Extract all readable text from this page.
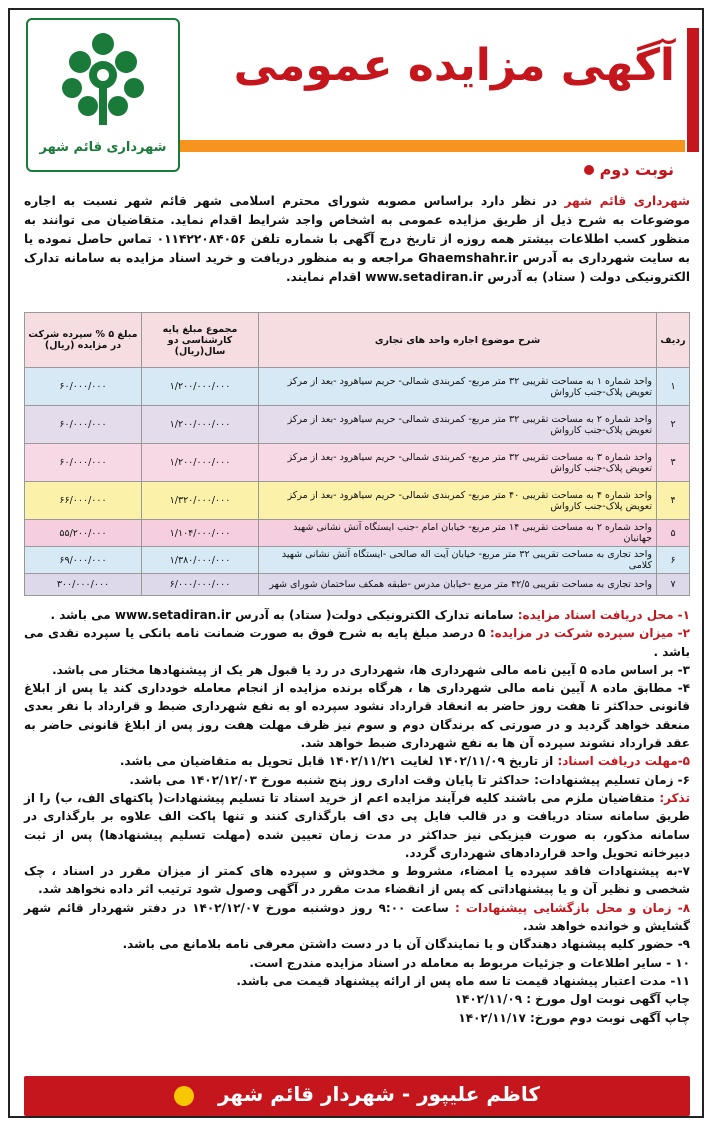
شهرداری قائم شهر
آگهی مزایده عمومی
نوبت دوم
شهرداری قائم شهر در نظر دارد براساس مصوبه شورای محترم اسلامی شهر قائم شهر نسبت به اجاره موضوعات به شرح ذیل از طریق مزایده عمومی به اشخاص واجد شرایط اقدام نماید. متقاضیان می توانند به منظور کسب اطلاعات بیشتر همه روزه از تاریخ درج آگهی با شماره تلفن ۰۱۱۴۲۲۰۸۴۰۵۶ تماس حاصل نموده یا به سایت شهرداری به آدرس Ghaemshahr.ir مراجعه و به منظور دریافت و خرید اسناد مزایده به سامانه تدارک الکترونیکی دولت ( ستاد) به آدرس www.setadiran.ir اقدام نمایند.
ردیف	شرح موضوع اجاره واحد های تجاری	مجموع مبلغ پایه کارشناسی دو سال(ریال)	مبلغ ۵ % سپرده شرکت در مزایده (ریال)
۱	واحد شماره ۱ به مساحت تقریبی ۳۲ متر مربع- کمربندی شمالی- حریم سیاهرود -بعد از مرکز تعویض پلاک-جنب کارواش	۱/۲۰۰/۰۰۰/۰۰۰	۶۰/۰۰۰/۰۰۰
۲	واحد شماره ۲ به مساحت تقریبی ۳۲ متر مربع- کمربندی شمالی- حریم سیاهرود -بعد از مرکز تعویض پلاک-جنب کارواش	۱/۲۰۰/۰۰۰/۰۰۰	۶۰/۰۰۰/۰۰۰
۳	واحد شماره ۳ به مساحت تقریبی ۳۲ متر مربع- کمربندی شمالی- حریم سیاهرود -بعد از مرکز تعویض پلاک-جنب کارواش	۱/۲۰۰/۰۰۰/۰۰۰	۶۰/۰۰۰/۰۰۰
۴	واحد شماره ۴ به مساحت تقریبی ۴۰ متر مربع- کمربندی شمالی- حریم سیاهرود -بعد از مرکز تعویض پلاک-جنب کارواش	۱/۳۲۰/۰۰۰/۰۰۰	۶۶/۰۰۰/۰۰۰
۵	واحد شماره ۲ به مساحت تقریبی ۱۴ متر مربع- خیابان امام -جنب ایستگاه آتش نشانی شهید جهانیان	۱/۱۰۴/۰۰۰/۰۰۰	۵۵/۲۰۰/۰۰۰
۶	واحد تجاری به مساحت تقریبی ۳۲ متر مربع- خیابان آیت اله صالحی -ایستگاه آتش نشانی شهید کلامی	۱/۳۸۰/۰۰۰/۰۰۰	۶۹/۰۰۰/۰۰۰
۷	واحد تجاری به مساحت تقریبی ۴۲/۵ متر مربع -خیابان مدرس -طبقه همکف ساختمان شورای شهر	۶/۰۰۰/۰۰۰/۰۰۰	۳۰۰/۰۰۰/۰۰۰

۱- محل دریافت اسناد مزایده: سامانه تدارک الکترونیکی دولت( ستاد) به آدرس www.setadiran.ir می باشد .

۲- میزان سپرده شرکت در مزایده: ۵ درصد مبلغ پایه به شرح فوق به صورت ضمانت نامه بانکی یا سپرده نقدی می باشد .

۳- بر اساس ماده ۵ آیین نامه مالی شهرداری ها، شهرداری در رد یا قبول هر یک از پیشنهادها مختار می باشد.

۴- مطابق ماده ۸ آیین نامه مالی شهرداری ها ، هرگاه برنده مزایده از انجام معامله خودداری کند یا پس از ابلاغ قانونی حداکثر تا هفت روز حاضر به انعقاد قرارداد نشود سپرده او به نفع شهرداری ضبط و قرارداد با نفر بعدی منعقد خواهد گردید و در صورتی که برندگان دوم و سوم نیز ظرف مهلت هفت روز پس از ابلاغ قانونی حاضر به عقد قرارداد نشوند سپرده آن ها به نفع شهرداری ضبط خواهد شد.

۵-مهلت دریافت اسناد: از تاریخ ۱۴۰۲/۱۱/۰۹ لغایت ۱۴۰۲/۱۱/۲۱ قابل تحویل به متقاضیان می باشد.

۶- زمان تسلیم پیشنهادات: حداکثر تا پایان وقت اداری روز پنج شنبه مورخ ۱۴۰۲/۱۲/۰۳ می باشد.

تذکر: متقاضیان ملزم می باشند کلیه فرآیند مزایده اعم از خرید اسناد تا تسلیم پیشنهادات( پاکتهای الف، ب) را از طریق سامانه ستاد دریافت و در قالب فایل پی دی اف بارگذاری کنند و تنها پاکت الف علاوه بر بارگذاری در سامانه مذکور، به صورت فیزیکی نیز حداکثر در مدت زمان تعیین شده (مهلت تسلیم پیشنهادها) پس از ثبت دبیرخانه تحویل واحد قراردادهای شهرداری گردد.

۷-به پیشنهادات فاقد سپرده یا امضاء، مشروط و مخدوش و سپرده های کمتر از میزان مقرر در اسناد ، چک شخصی و نظیر آن و یا پیشنهاداتی که پس از انقضاء مدت مقرر در آگهی وصول شود ترتیب اثر داده نخواهد شد.

۸- زمان و محل بازگشایی پیشنهادات : ساعت ۹:۰۰ روز دوشنبه مورخ ۱۴۰۲/۱۲/۰۷ در دفتر شهردار قائم شهر گشایش و خوانده خواهد شد.

۹- حضور کلیه پیشنهاد دهندگان و یا نمایندگان آن با در دست داشتن معرفی نامه بلامانع می باشد.

۱۰ - سایر اطلاعات و جزئیات مربوط به معامله در اسناد مزایده مندرج است.

۱۱- مدت اعتبار پیشنهاد قیمت تا سه ماه پس از ارائه پیشنهاد قیمت می باشد.

چاپ آگهی نوبت اول مورخ : ۱۴۰۲/۱۱/۰۹

چاپ آگهی نوبت دوم مورخ: ۱۴۰۲/۱۱/۱۷

کاظم علیپور - شهردار قائم شهر
